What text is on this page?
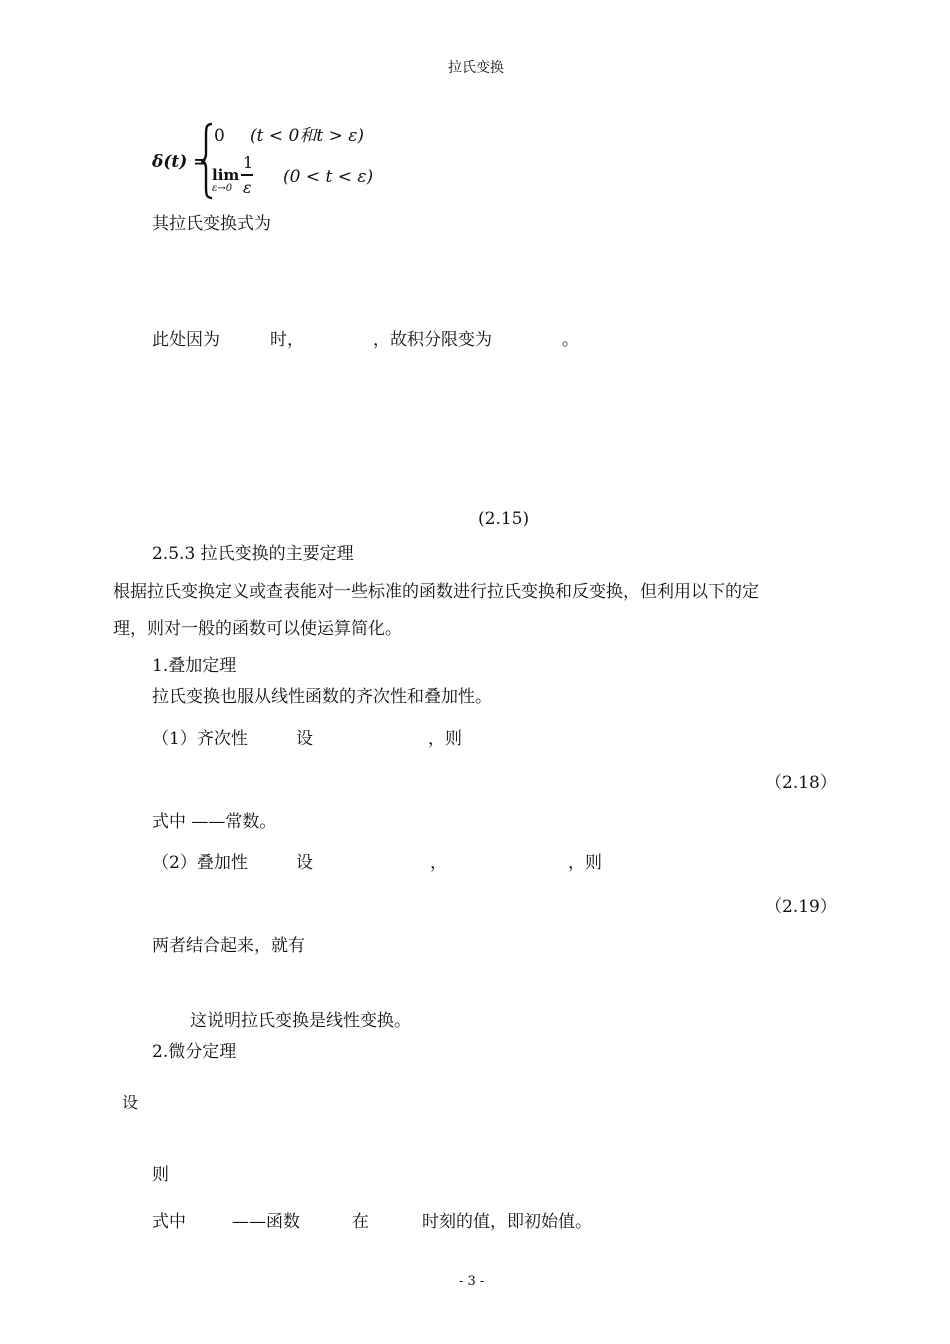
拉氏变换
δ(t) =
0 (t < 0和t > ε)
lim
ε→0
1
ε
(0 < t < ε)
其拉氏变换式为
此处因为	时，	，故积分限变为	。
(2.15)
2.5.3 拉氏变换的主要定理
根据拉氏变换定义或查表能对一些标准的函数进行拉氏变换和反变换，但利用以下的定
理，则对一般的函数可以使运算简化。
1.叠加定理
拉氏变换也服从线性函数的齐次性和叠加性。
（1）齐次性	设	，则
（2.18）
式中 ——常数。
（2）叠加性	设	，	，则
（2.19）
两者结合起来，就有
这说明拉氏变换是线性变换。
2.微分定理
设
则
式中	——函数	在	时刻的值，即初始值。
- 3 -
